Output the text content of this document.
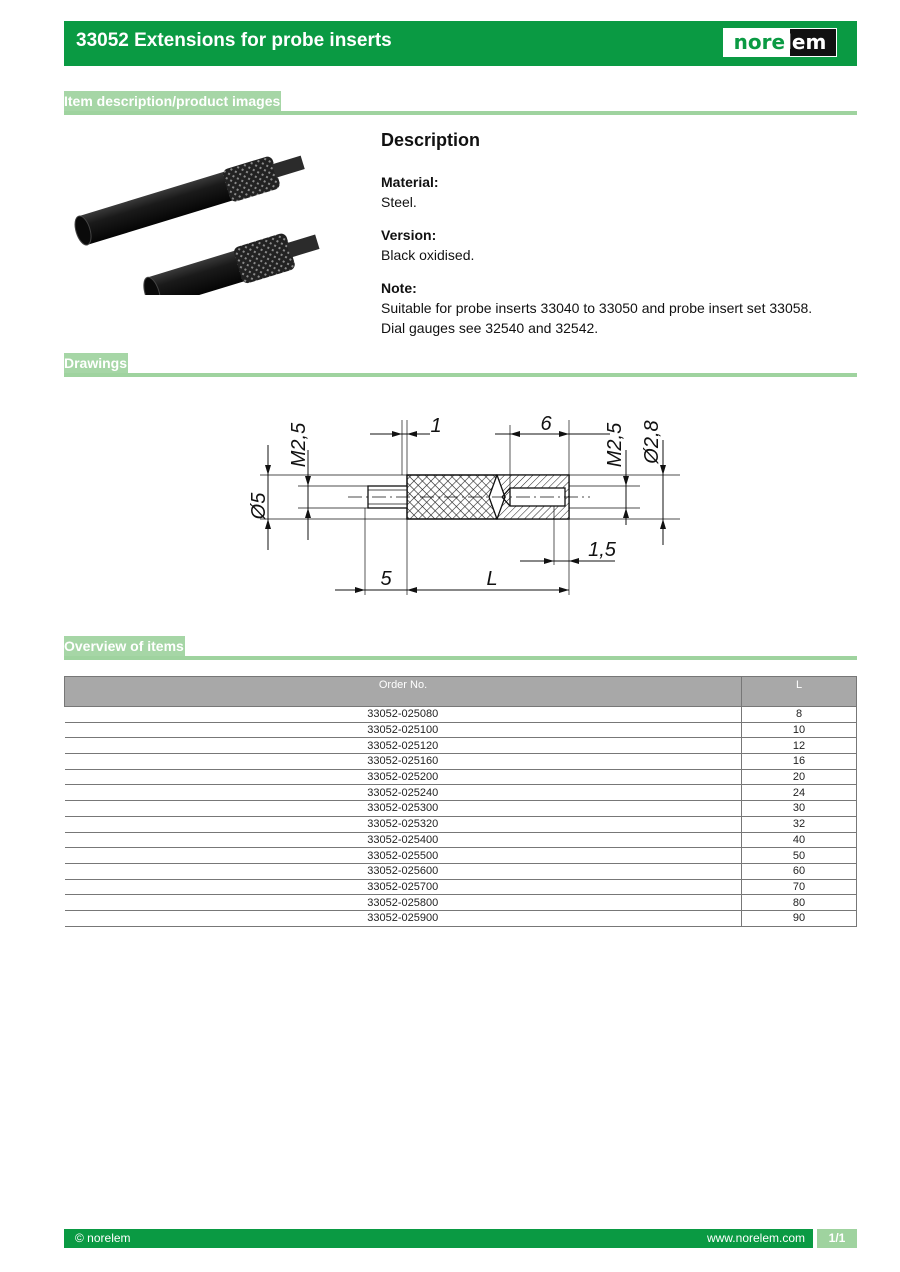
33052 Extensions for probe inserts	norelem
Item description/product images
Description
Material:
Steel.
Version:
Black oxidised.
Note:
Suitable for probe inserts 33040 to 33050 and probe insert set 33058.
Dial gauges see 32540 and 32542.
Drawings
Ø5
M2,5	1	6	M2,5 Ø2,8
1,5
5	L
Overview of items
Order No.	L
33052-025080	8
33052-025100	10
33052-025120	12
33052-025160	16
33052-025200	20
33052-025240	24
33052-025300	30
33052-025320	32
33052-025400	40
33052-025500	50
33052-025600	60
33052-025700	70
33052-025800	80
33052-025900	90
© norelem	www.norelem.com	1/1
